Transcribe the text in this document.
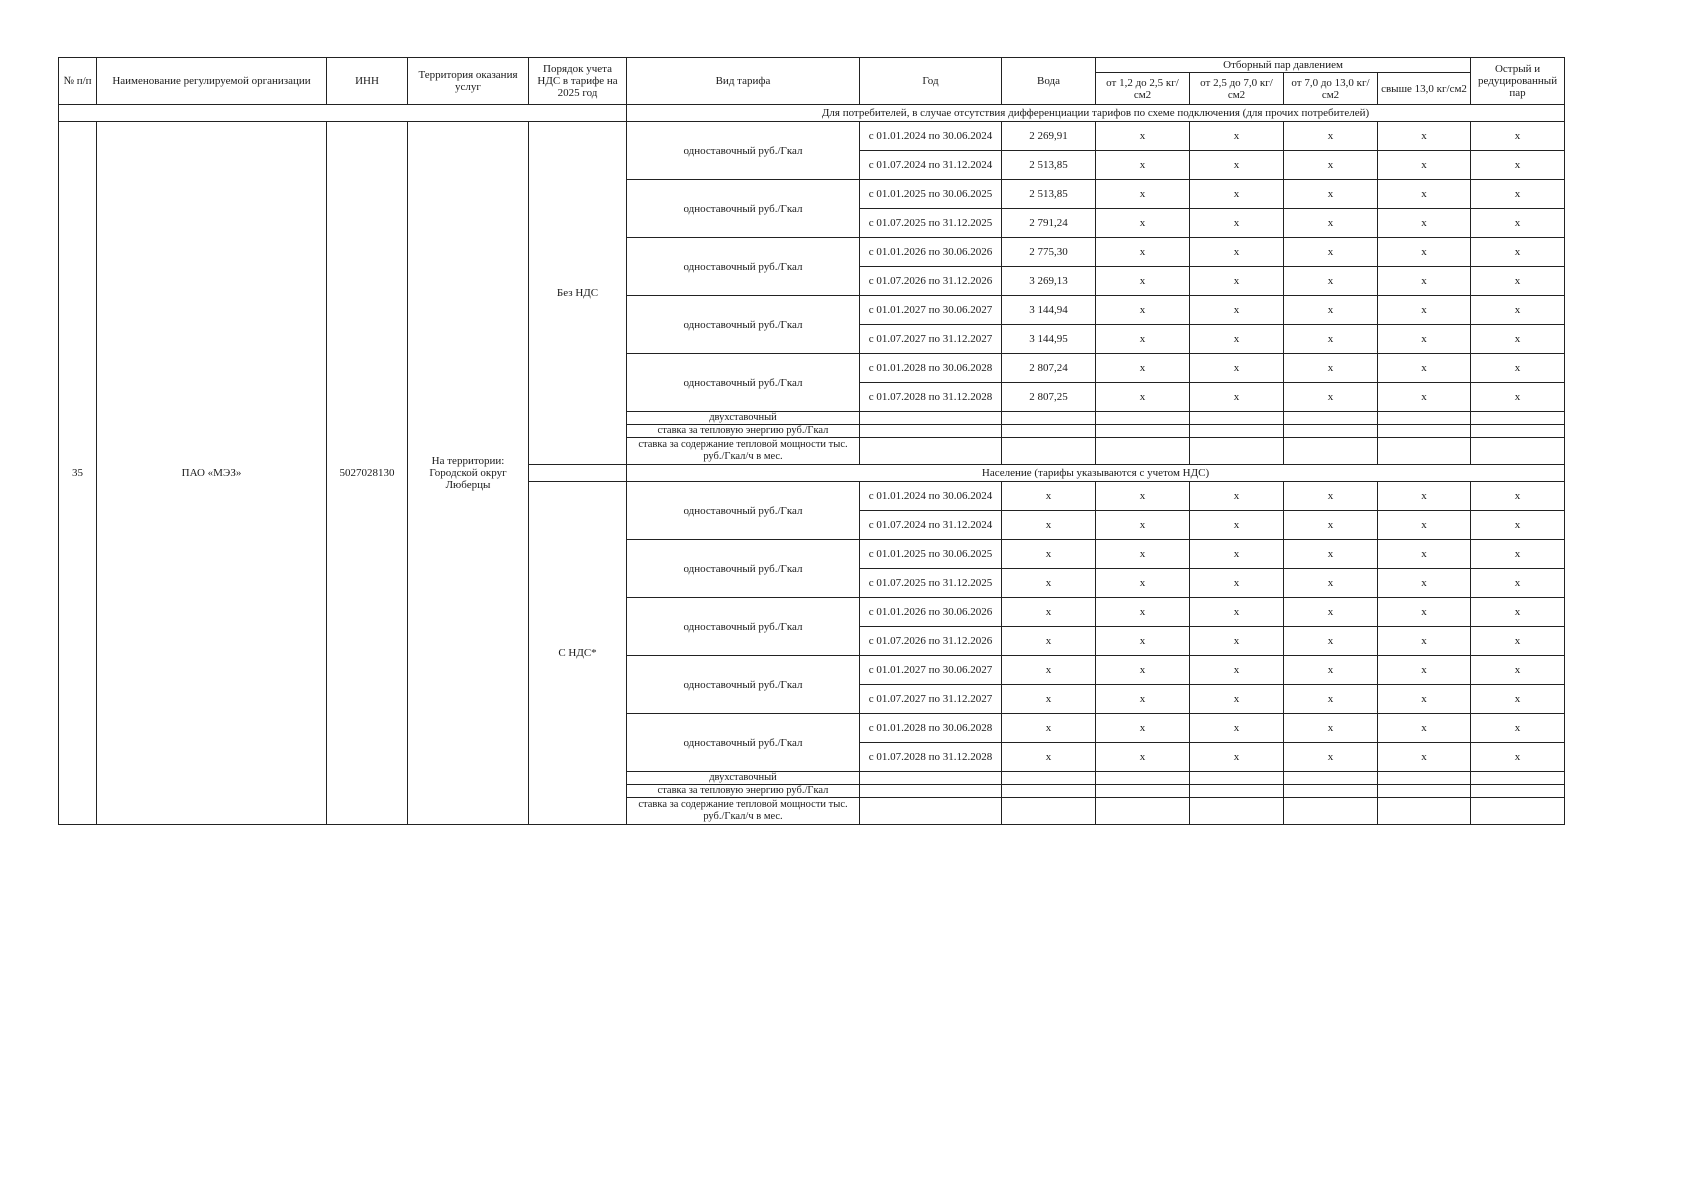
№ п/п	Наименование регулируемой организации	ИНН	Территория оказания услуг	Порядок учета НДС в тарифе на 2025 год	Вид тарифа	Год	Вода	Отборный пар давлением				Острый и редуцированный пар
								от 1,2 до 2,5 кг/см2	от 2,5 до 7,0 кг/см2	от 7,0 до 13,0 кг/см2	свыше 13,0 кг/см2	
					Для потребителей, в случае отсутствия дифференциации тарифов по схеме подключения (для прочих потребителей)							
35	ПАО «МЭЗ»	5027028130	На территории: Городской округ Люберцы	Без НДС	одноставочный руб./Гкал	с 01.01.2024 по 30.06.2024	2 269,91	x	x	x	x	x
						с 01.07.2024 по 31.12.2024	2 513,85	x	x	x	x	x
					одноставочный руб./Гкал	с 01.01.2025 по 30.06.2025	2 513,85	x	x	x	x	x
						с 01.07.2025 по 31.12.2025	2 791,24	x	x	x	x	x
					одноставочный руб./Гкал	с 01.01.2026 по 30.06.2026	2 775,30	x	x	x	x	x
						с 01.07.2026 по 31.12.2026	3 269,13	x	x	x	x	x
					одноставочный руб./Гкал	с 01.01.2027 по 30.06.2027	3 144,94	x	x	x	x	x
						с 01.07.2027 по 31.12.2027	3 144,95	x	x	x	x	x
					одноставочный руб./Гкал	с 01.01.2028 по 30.06.2028	2 807,24	x	x	x	x	x
						с 01.07.2028 по 31.12.2028	2 807,25	x	x	x	x	x
					двухставочный							
					ставка за тепловую энергию руб./Гкал							
					ставка за содержание тепловой мощности тыс. руб./Гкал/ч в мес.							
					Население (тарифы указываются с учетом НДС)							
				С НДС*	одноставочный руб./Гкал	с 01.01.2024 по 30.06.2024	x	x	x	x	x	x
						с 01.07.2024 по 31.12.2024	x	x	x	x	x	x
					одноставочный руб./Гкал	с 01.01.2025 по 30.06.2025	x	x	x	x	x	x
						с 01.07.2025 по 31.12.2025	x	x	x	x	x	x
					одноставочный руб./Гкал	с 01.01.2026 по 30.06.2026	x	x	x	x	x	x
						с 01.07.2026 по 31.12.2026	x	x	x	x	x	x
					одноставочный руб./Гкал	с 01.01.2027 по 30.06.2027	x	x	x	x	x	x
						с 01.07.2027 по 31.12.2027	x	x	x	x	x	x
					одноставочный руб./Гкал	с 01.01.2028 по 30.06.2028	x	x	x	x	x	x
						с 01.07.2028 по 31.12.2028	x	x	x	x	x	x
					двухставочный							
					ставка за тепловую энергию руб./Гкал							
					ставка за содержание тепловой мощности тыс. руб./Гкал/ч в мес.							
